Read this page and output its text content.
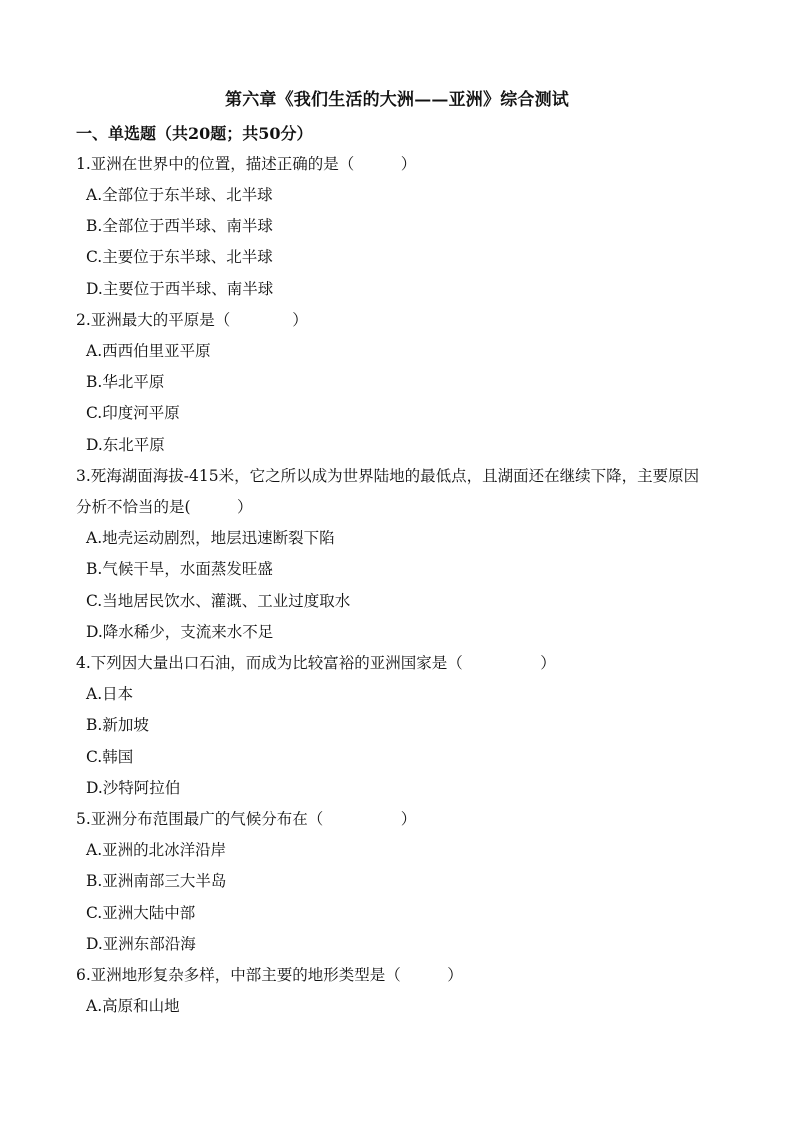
第六章《我们生活的大洲——亚洲》综合测试
一、单选题（共20题；共50分）
1.亚洲在世界中的位置，描述正确的是（　　　）
A.全部位于东半球、北半球
B.全部位于西半球、南半球
C.主要位于东半球、北半球
D.主要位于西半球、南半球
2.亚洲最大的平原是（　　　　）
A.西西伯里亚平原
B.华北平原
C.印度河平原
D.东北平原
3.死海湖面海拔-415米，它之所以成为世界陆地的最低点，且湖面还在继续下降，主要原因
分析不恰当的是(　　　）
A.地壳运动剧烈，地层迅速断裂下陷
B.气候干旱，水面蒸发旺盛
C.当地居民饮水、灌溉、工业过度取水
D.降水稀少，支流来水不足
4.下列因大量出口石油，而成为比较富裕的亚洲国家是（　　　　　）
A.日本
B.新加坡
C.韩国
D.沙特阿拉伯
5.亚洲分布范围最广的气候分布在（　　　　　）
A.亚洲的北冰洋沿岸
B.亚洲南部三大半岛
C.亚洲大陆中部
D.亚洲东部沿海
6.亚洲地形复杂多样，中部主要的地形类型是（　　　）
A.高原和山地
